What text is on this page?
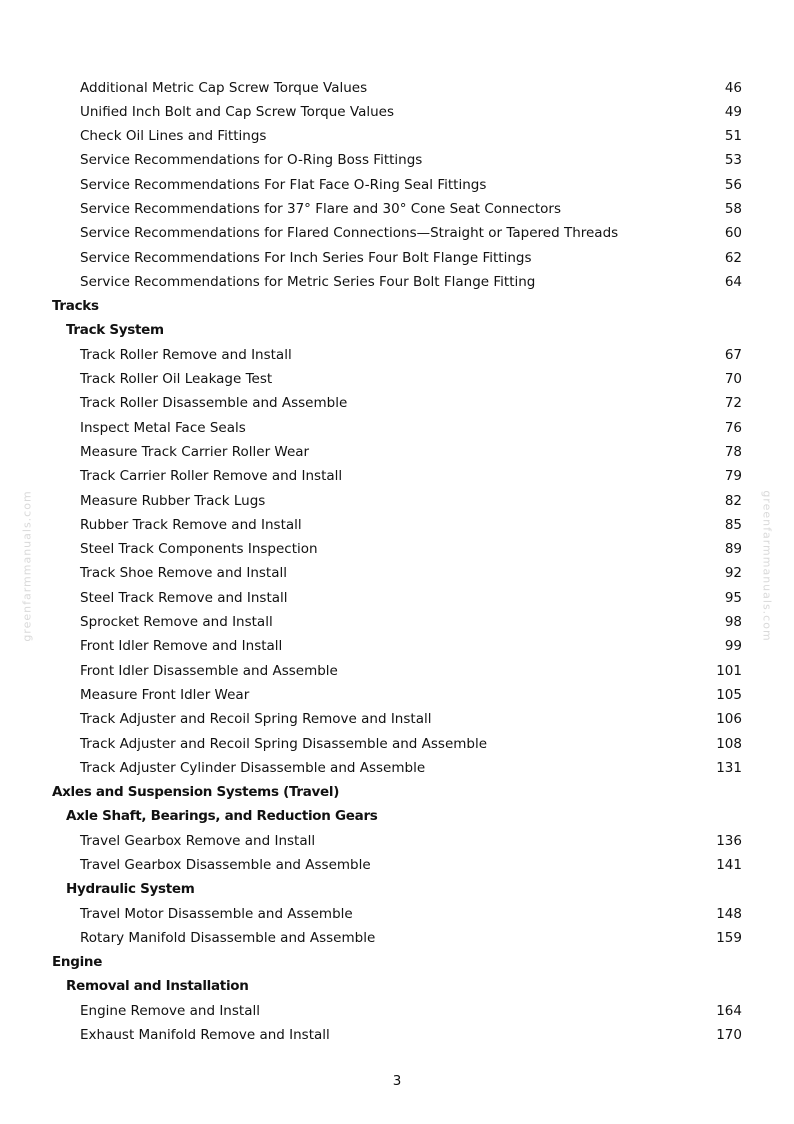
Additional Metric Cap Screw Torque Values	46
Unified Inch Bolt and Cap Screw Torque Values	49
Check Oil Lines and Fittings	51
Service Recommendations for O-Ring Boss Fittings	53
Service Recommendations For Flat Face O-Ring Seal Fittings	56
Service Recommendations for 37° Flare and 30° Cone Seat Connectors	58
Service Recommendations for Flared Connections—Straight or Tapered Threads	60
Service Recommendations For Inch Series Four Bolt Flange Fittings	62
Service Recommendations for Metric Series Four Bolt Flange Fitting	64
Tracks
Track System
Track Roller Remove and Install	67
Track Roller Oil Leakage Test	70
Track Roller Disassemble and Assemble	72
Inspect Metal Face Seals	76
Measure Track Carrier Roller Wear	78
Track Carrier Roller Remove and Install	79
Measure Rubber Track Lugs	82
Rubber Track Remove and Install	85
Steel Track Components Inspection	89
Track Shoe Remove and Install	92
Steel Track Remove and Install	95
Sprocket Remove and Install	98
Front Idler Remove and Install	99
Front Idler Disassemble and Assemble	101
Measure Front Idler Wear	105
Track Adjuster and Recoil Spring Remove and Install	106
Track Adjuster and Recoil Spring Disassemble and Assemble	108
Track Adjuster Cylinder Disassemble and Assemble	131
Axles and Suspension Systems (Travel)
Axle Shaft, Bearings, and Reduction Gears
Travel Gearbox Remove and Install	136
Travel Gearbox Disassemble and Assemble	141
Hydraulic System
Travel Motor Disassemble and Assemble	148
Rotary Manifold Disassemble and Assemble	159
Engine
Removal and Installation
Engine Remove and Install	164
Exhaust Manifold Remove and Install	170
greenfarmmanuals.com	greenfarmmanuals.com
3
